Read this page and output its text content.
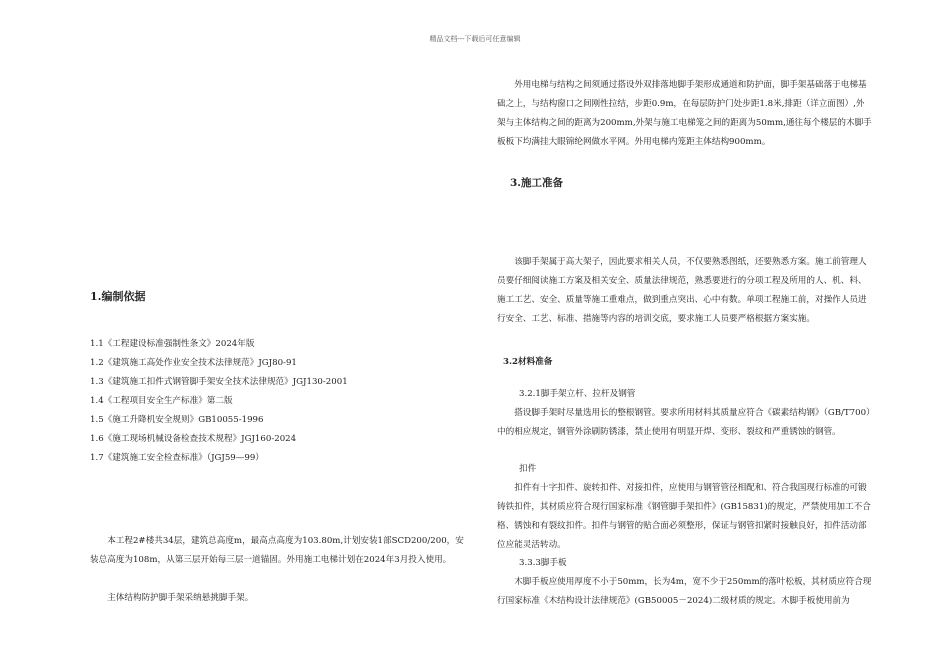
精品文档---下载后可任意编辑
1.编制依据
1.1《工程建设标准强制性条文》2024年版
1.2《建筑施工高处作业安全技术法律规范》JGJ80-91
1.3《建筑施工扣件式钢管脚手架安全技术法律规范》JGJ130-2001
1.4《工程项目安全生产标准》第二版
1.5《施工升降机安全规则》GB10055-1996
1.6《施工现场机械设备检查技术规程》JGJ160-2024
1.7《建筑施工安全检查标准》（JGJ59—99）

本工程2#楼共34层，建筑总高度m，最高点高度为103.80m,计划安装1部SCD200/200，安装总高度为108m，从第三层开始每三层一道锚固。外用施工电梯计划在2024年3月投入使用。

主体结构防护脚手架采纳悬挑脚手架。

外用电梯与结构之间须通过搭设外双排落地脚手架形成通道和防护面，脚手架基础落于电梯基础之上，与结构窗口之间刚性拉结，步距0.9m，在每层防护门处步距1.8米,排距（详立面图）,外架与主体结构之间的距离为200mm,外架与施工电梯笼之间的距离为50mm,通往每个楼层的木脚手板板下均满挂大眼锦纶网做水平网。外用电梯内笼距主体结构900mm。

3.施工准备

该脚手架属于高大架子，因此要求相关人员，不仅要熟悉图纸，还要熟悉方案。施工前管理人员要仔细阅读施工方案及相关安全、质量法律规范，熟悉要进行的分项工程及所用的人、机、料、施工工艺、安全、质量等施工重难点，做到重点突出、心中有数。单项工程施工前，对操作人员进行安全、工艺、标准、措施等内容的培训交底，要求施工人员要严格根据方案实施。

3.2材料准备
3.2.1脚手架立杆、拉杆及钢管

搭设脚手架时尽量选用长的整根钢管。要求所用材料其质量应符合《碳素结构钢》（GB/T700）中的相应规定，钢管外涂刷防锈漆，禁止使用有明显开焊、变形、裂纹和严重锈蚀的钢管。

扣件

扣件有十字扣件、旋转扣件、对接扣件，应使用与钢管管径相配和、符合我国现行标准的可锻铸铁扣件，其材质应符合现行国家标准《钢管脚手架扣件》(GB15831)的规定，严禁使用加工不合格、锈蚀和有裂纹扣件。扣件与钢管的贴合面必须整形，保证与钢管扣紧时接触良好，扣件活动部位应能灵活转动。

3.3.3脚手板

木脚手板应使用厚度不小于50mm，长为4m，宽不少于250mm的落叶松板，其材质应符合现行国家标准《木结构设计法律规范》(GB50005－2024)二级材质的规定。木脚手板使用前为
